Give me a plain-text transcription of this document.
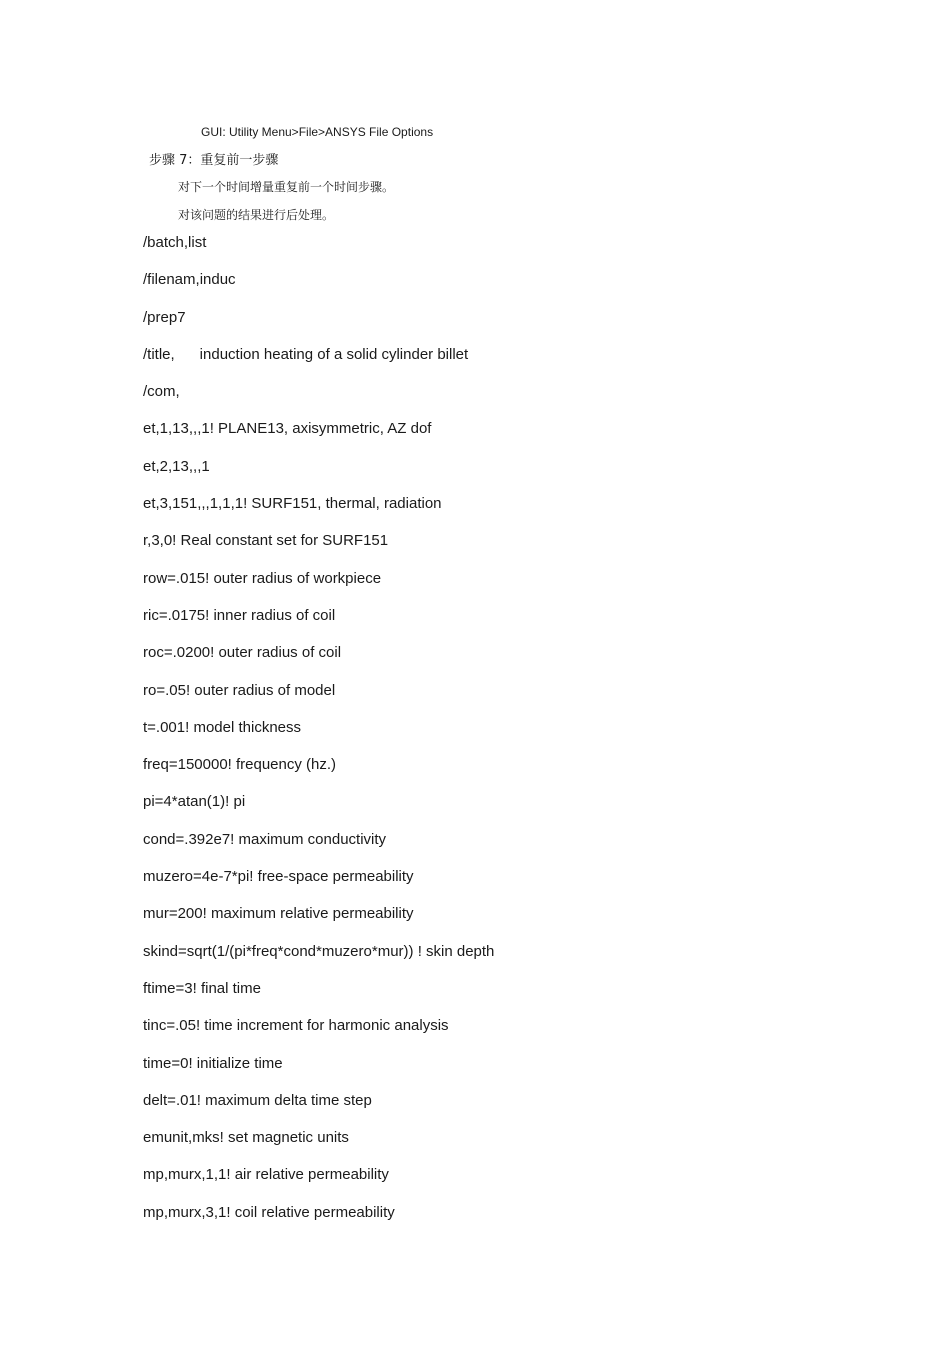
GUI: Utility Menu>File>ANSYS File Options
步骤 7：重复前一步骤
对下一个时间增量重复前一个时间步骤。
对该问题的结果进行后处理。
/batch,list
/filenam,induc
/prep7
/title,      induction heating of a solid cylinder billet
/com,
et,1,13,,,1! PLANE13, axisymmetric, AZ dof
et,2,13,,,1
et,3,151,,,1,1,1! SURF151, thermal, radiation
r,3,0! Real constant set for SURF151
row=.015! outer radius of workpiece
ric=.0175! inner radius of coil
roc=.0200! outer radius of coil
ro=.05! outer radius of model
t=.001! model thickness
freq=150000! frequency (hz.)
pi=4*atan(1)! pi
cond=.392e7! maximum conductivity
muzero=4e-7*pi! free-space permeability
mur=200! maximum relative permeability
skind=sqrt(1/(pi*freq*cond*muzero*mur)) ! skin depth
ftime=3! final time
tinc=.05! time increment for harmonic analysis
time=0! initialize time
delt=.01! maximum delta time step
emunit,mks! set magnetic units
mp,murx,1,1! air relative permeability
mp,murx,3,1! coil relative permeability
